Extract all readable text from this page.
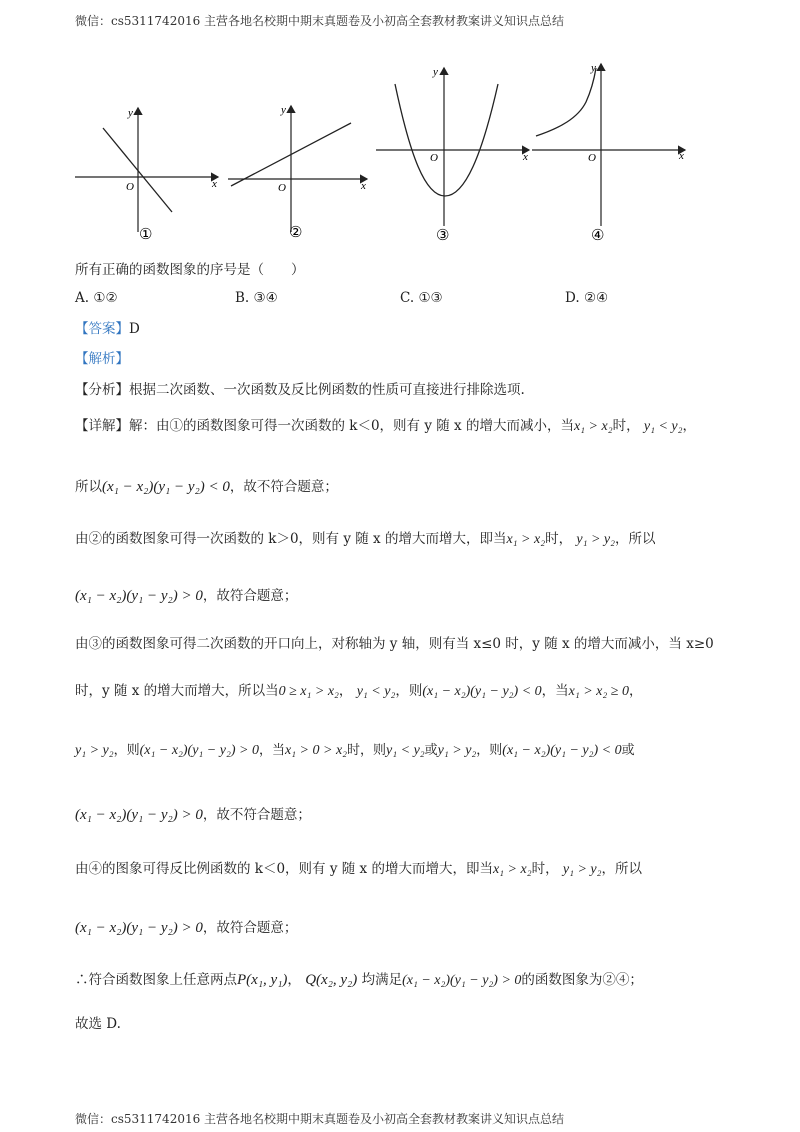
微信：cs5311742016 主营各地名校期中期末真题卷及小初高全套教材教案讲义知识点总结
x
y
O
①
x
y
O
②
x
y
O
③
x
y
O
④
所有正确的函数图象的序号是（　　）
A. ①②	B. ③④	C. ①③	D. ②④
【答案】D
【解析】
【分析】根据二次函数、一次函数及反比例函数的性质可直接进行排除选项.
【详解】解：由①的函数图象可得一次函数的 k＜0，则有 y 随 x 的增大而减小，当x₁ > x₂时， y₁ < y₂，
所以(x₁ − x₂)(y₁ − y₂) < 0，故不符合题意；
由②的函数图象可得一次函数的 k＞0，则有 y 随 x 的增大而增大，即当x₁ > x₂时， y₁ > y₂，所以
(x₁ − x₂)(y₁ − y₂) > 0，故符合题意；
由③的函数图象可得二次函数的开口向上，对称轴为 y 轴，则有当 x≤0 时，y 随 x 的增大而减小，当 x≥0
时，y 随 x 的增大而增大，所以当0 ≥ x₁ > x₂， y₁ < y₂，则(x₁ − x₂)(y₁ − y₂) < 0，当x₁ > x₂ ≥ 0，
y₁ > y₂，则(x₁ − x₂)(y₁ − y₂) > 0，当x₁ > 0 > x₂时，则y₁ < y₂或y₁ > y₂，则(x₁ − x₂)(y₁ − y₂) < 0或
(x₁ − x₂)(y₁ − y₂) > 0，故不符合题意；
由④的图象可得反比例函数的 k＜0，则有 y 随 x 的增大而增大，即当x₁ > x₂时， y₁ > y₂，所以
(x₁ − x₂)(y₁ − y₂) > 0，故符合题意；
∴符合函数图象上任意两点P(x₁, y₁)， Q(x₂, y₂) 均满足(x₁ − x₂)(y₁ − y₂) > 0的函数图象为②④；
故选 D.
微信：cs5311742016 主营各地名校期中期末真题卷及小初高全套教材教案讲义知识点总结
